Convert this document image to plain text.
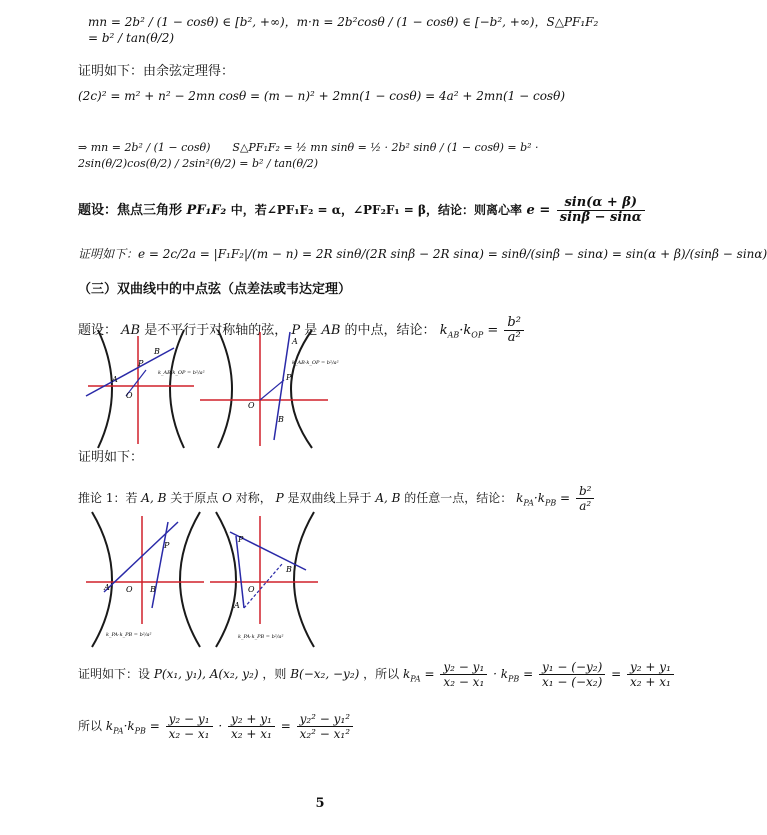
mn = 2b² / (1 − cosθ) ∈ [b², +∞)，m·n = 2b²cosθ / (1 − cosθ) ∈ [−b², +∞)，S△PF₁F₂ = b² / tan(θ/2)
证明如下：由余弦定理得：
(2c)² = m² + n² − 2mn cosθ = (m − n)² + 2mn(1 − cosθ) = 4a² + 2mn(1 − cosθ)
⇒ mn = 2b² / (1 − cosθ)　　S△PF₁F₂ = ½ mn sinθ = ½ · 2b² sinθ / (1 − cosθ) = b² · 2sin(θ/2)cos(θ/2) / 2sin²(θ/2) = b² / tan(θ/2)
题设：焦点三角形 PF₁F₂ 中，若∠PF₁F₂ = α，∠PF₂F₁ = β，结论：则离心率 $e = \frac{\sin(\alpha + \beta)}{\sin\beta - \sin\alpha}$
证明如下：e = 2c/2a = |F₁F₂|/(m − n) = 2R sinθ/(2R sinβ − 2R sinα) = sinθ/(sinβ − sinα) = sin(α + β)/(sinβ − sinα)
（三）双曲线中的中点弦（点差法或韦达定理）
题设： AB 是不平行于对称轴的弦， P 是 AB 的中点，结论： $k_{AB}\cdot k_{OP} = \frac{\text{b²}}{\text{a²}}$
A
P
B
O
k_AB·k_OP = b²/a²
A
P
B
O
k_AB·k_OP = b²/a²
证明如下：
推论 1：若 A, B 关于原点 O 对称， P 是双曲线上异于 A, B 的任意一点，结论： $k_{PA}\cdot k_{PB} = \frac{\text{b²}}{\text{a²}}$
P
A O B
k_PA·k_PB = b²/a²
P
B
A
O
k_PA·k_PB = b²/a²
证明如下：设 P(x₁, y₁), A(x₂, y₂) ，则 B(−x₂, −y₂) ，所以 $k_{PA} = \frac{\text{y₂ − y₁}}{\text{x₂ − x₁}} \cdot k_{PB} = \frac{\text{y₁ − (−y₂)}}{\text{x₁ − (−x₂)}} = \frac{\text{y₂ + y₁}}{\text{x₂ + x₁}}$
所以 $k_{PA}\cdot k_{PB} = \frac{\text{y₂ − y₁}}{\text{x₂ − x₁}} \cdot \frac{\text{y₂ + y₁}}{\text{x₂ + x₁}} = \frac{\text{y₂² − y₁²}}{\text{x₂² − x₁²}}$
5
